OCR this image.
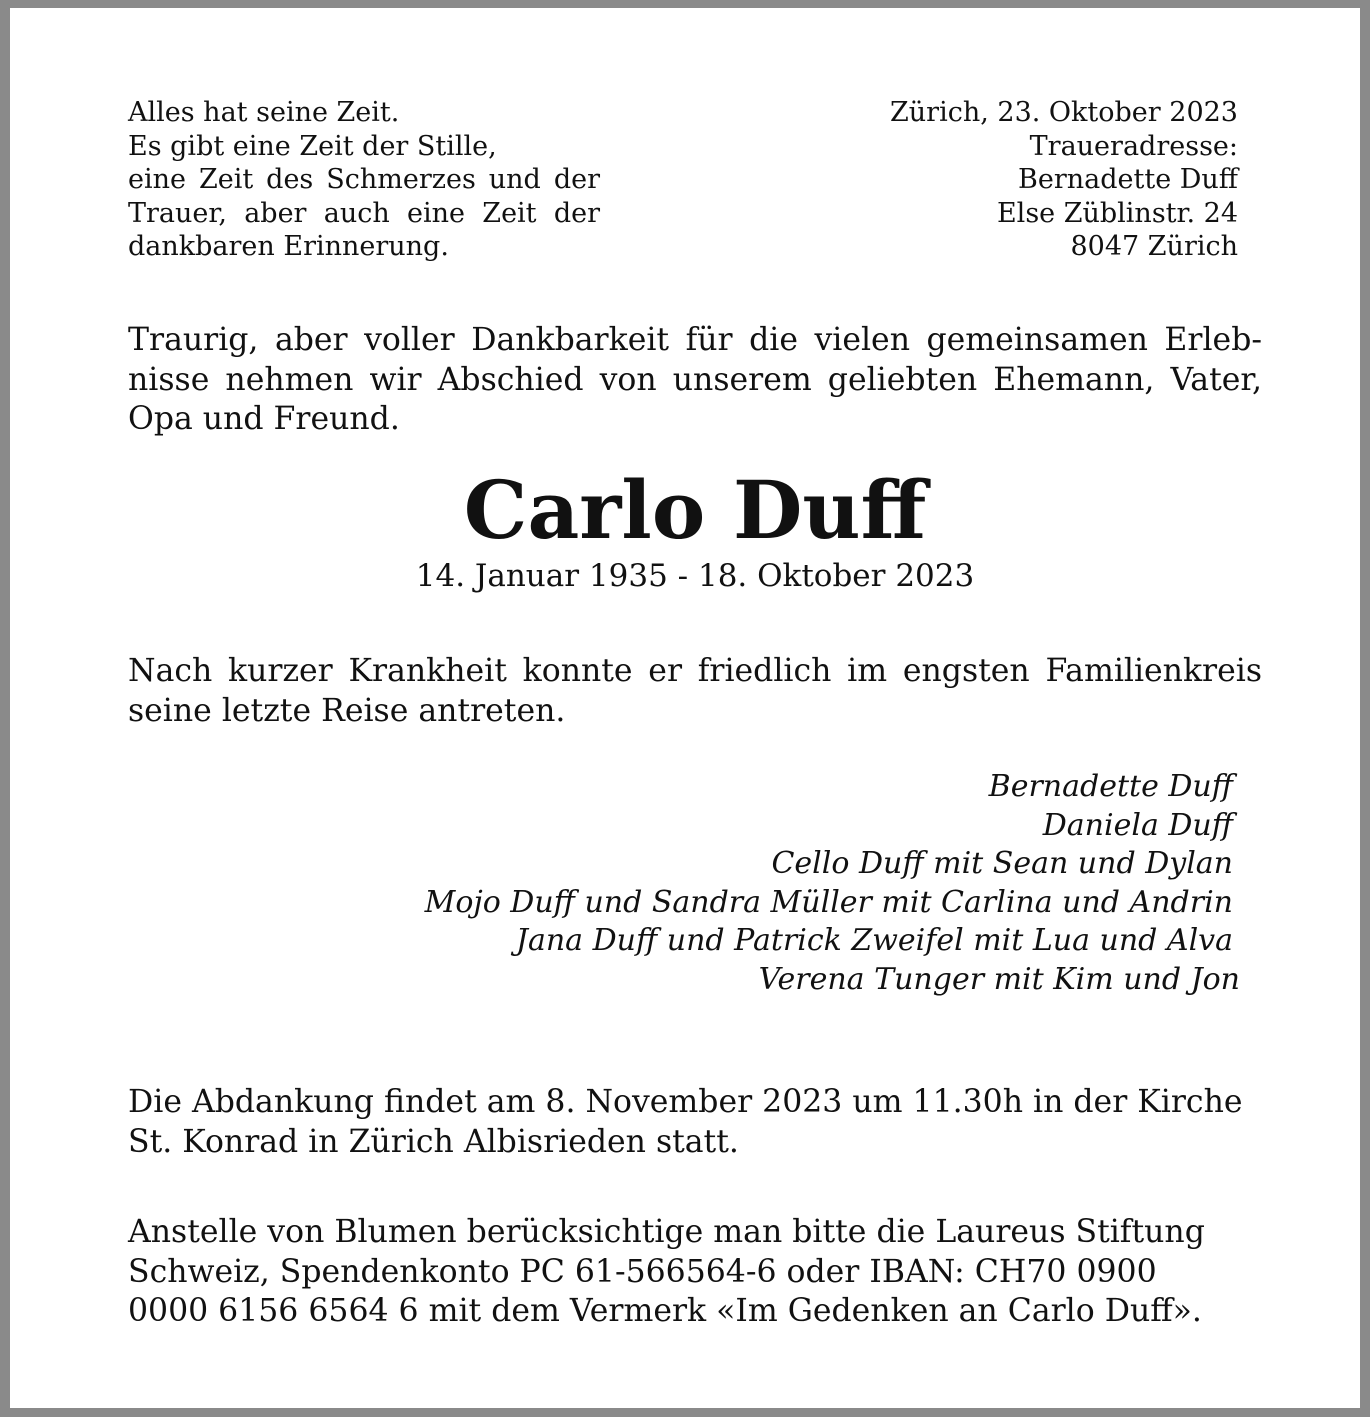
Alles hat seine Zeit.
Es gibt eine Zeit der Stille,
eine Zeit des Schmerzes und der
Trauer, aber auch eine Zeit der
dankbaren Erinnerung.
Zürich, 23. Oktober 2023
Traueradresse:
Bernadette Duff
Else Züblinstr. 24
8047 Zürich
Traurig, aber voller Dankbarkeit für die vielen gemeinsamen Erleb-
nisse nehmen wir Abschied von unserem geliebten Ehemann, Vater,
Opa und Freund.
Carlo Duff
14. Januar 1935 - 18. Oktober 2023
Nach kurzer Krankheit konnte er friedlich im engsten Familienkreis
seine letzte Reise antreten.
Bernadette Duff
Daniela Duff
Cello Duff mit Sean und Dylan
Mojo Duff und Sandra Müller mit Carlina und Andrin
Jana Duff und Patrick Zweifel mit Lua und Alva
Verena Tunger mit Kim und Jon
Die Abdankung findet am 8. November 2023 um 11.30h in der Kirche
St. Konrad in Zürich Albisrieden statt.
Anstelle von Blumen berücksichtige man bitte die Laureus Stiftung
Schweiz, Spendenkonto PC 61-566564-6 oder IBAN: CH70 0900
0000 6156 6564 6 mit dem Vermerk «Im Gedenken an Carlo Duff».
